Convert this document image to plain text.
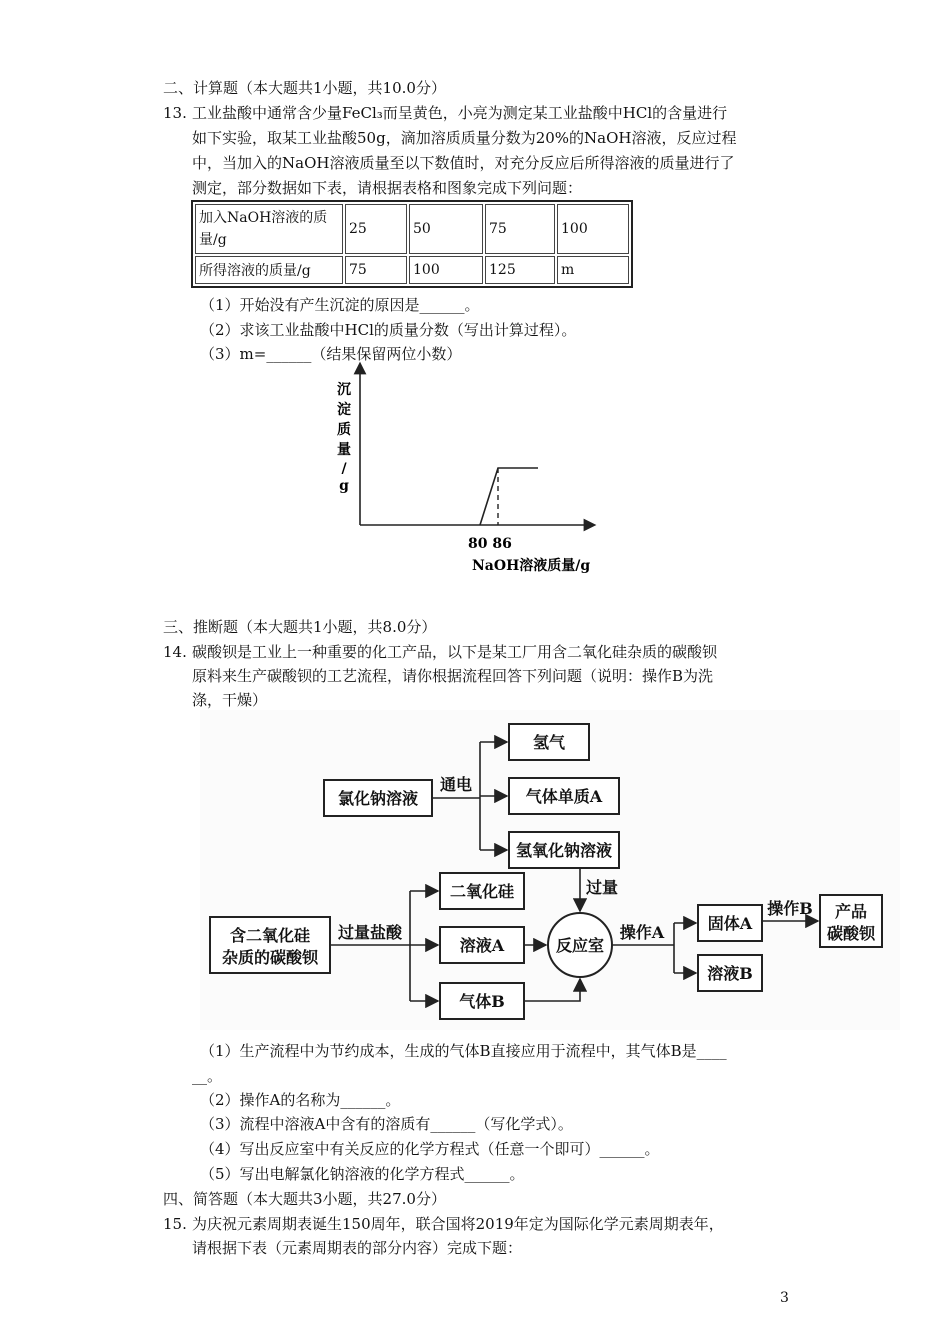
二、计算题（本大题共1小题，共10.0分）
13. 工业盐酸中通常含少量FeCl₃而呈黄色，小亮为测定某工业盐酸中HCl的含量进行
如下实验，取某工业盐酸50g，滴加溶质质量分数为20%的NaOH溶液，反应过程
中，当加入的NaOH溶液质量至以下数值时，对充分反应后所得溶液的质量进行了
测定，部分数据如下表，请根据表格和图象完成下列问题：
加入NaOH溶液的质
量/g	25	50	75	100
所得溶液的质量/g	75	100	125	m
（1）开始没有产生沉淀的原因是______。
（2）求该工业盐酸中HCl的质量分数（写出计算过程）。
（3）m=______（结果保留两位小数）
沉
淀
质
量
/
g
80 86
NaOH溶液质量/g
三、推断题（本大题共1小题，共8.0分）
14. 碳酸钡是工业上一种重要的化工产品，以下是某工厂用含二氧化硅杂质的碳酸钡
原料来生产碳酸钡的工艺流程，请你根据流程回答下列问题（说明：操作B为洗
涤，干燥）
氯化钠溶液
通电
氢气
气体单质A
氢氧化钠溶液
过量
含二氧化硅
杂质的碳酸钡
过量盐酸
二氧化硅
溶液A
气体B
反应室
操作A	固体A
溶液B
操作B 产品
碳酸钡
（1）生产流程中为节约成本，生成的气体B直接应用于流程中，其气体B是____
__。
（2）操作A的名称为______。
（3）流程中溶液A中含有的溶质有______（写化学式）。
（4）写出反应室中有关反应的化学方程式（任意一个即可）______。
（5）写出电解氯化钠溶液的化学方程式______。
四、简答题（本大题共3小题，共27.0分）
15. 为庆祝元素周期表诞生150周年，联合国将2019年定为国际化学元素周期表年，
请根据下表（元素周期表的部分内容）完成下题：
3
